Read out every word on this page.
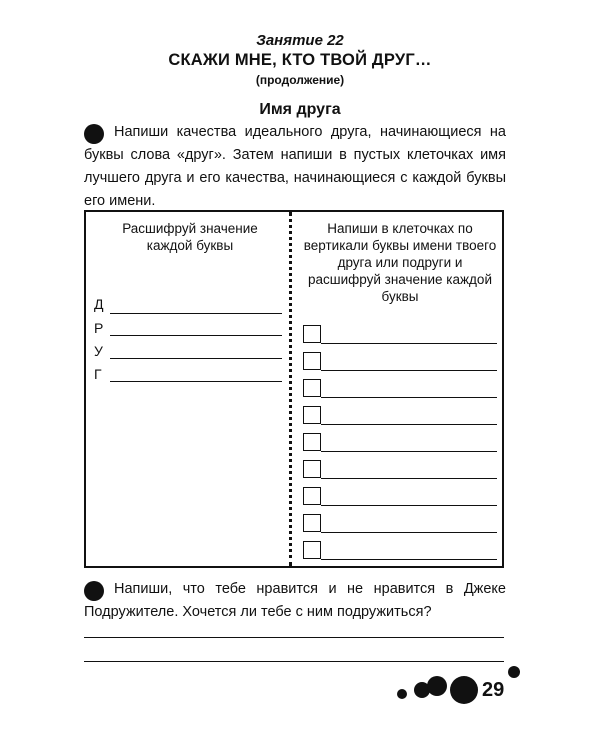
Занятие 22
СКАЖИ МНЕ, КТО ТВОЙ ДРУГ…
(продолжение)
Имя друга
Напиши качества идеального друга, начинающиеся на буквы слова «друг». Затем напиши в пустых клеточках имя лучшего друга и его качества, начинающиеся с каждой буквы его имени.
Расшифруй значение каждой буквы
Напиши в клеточках по вертикали буквы имени твоего друга или подруги и расшифруй значение каждой буквы
Д
Р
У
Г
Напиши, что тебе нравится и не нравится в Джеке Подружителе. Хочется ли тебе с ним подружиться?
29
